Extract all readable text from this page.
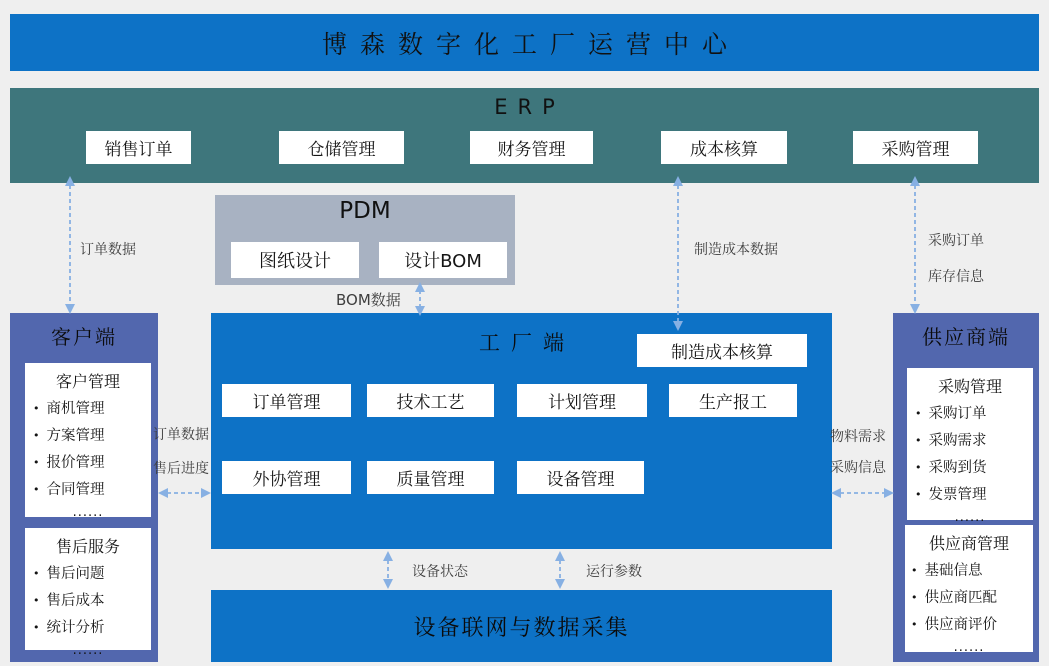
博森数字化工厂运营中心
ERP
销售订单	仓储管理	财务管理	成本核算	采购管理
PDM
图纸设计	设计BOM
客户端
客户管理
• 商机管理
• 方案管理
• 报价管理
• 合同管理
......
售后服务
• 售后问题
• 售后成本
• 统计分析
......
工厂端	制造成本核算
订单管理	技术工艺	计划管理	生产报工
外协管理	质量管理	设备管理
供应商端
采购管理
• 采购订单
• 采购需求
• 采购到货
• 发票管理
......
供应商管理
• 基础信息
• 供应商匹配
• 供应商评价
......
设备联网与数据采集
订单数据
BOM数据
制造成本数据
采购订单
库存信息
订单数据
售后进度
物料需求
采购信息
设备状态	运行参数
